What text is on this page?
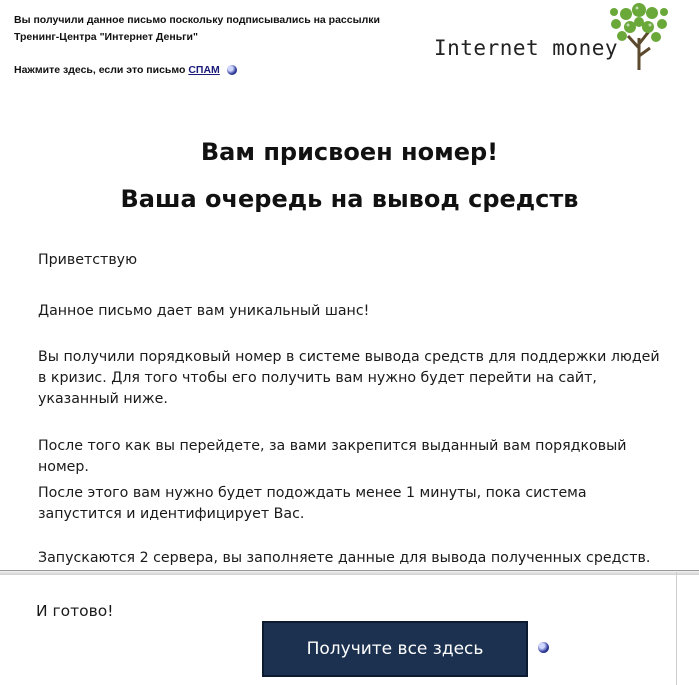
Вы получили данное письмо поскольку подписывались на рассылки
Тренинг-Центра "Интернет Деньги"
Нажмите здесь, если это письмо СПАМ
Internet money
Вам присвоен номер!
Ваша очередь на вывод средств
Приветствую
Данное письмо дает вам уникальный шанс!
Вы получили порядковый номер в системе вывода средств для поддержки людей в кризис. Для того чтобы его получить вам нужно будет перейти на сайт, указанный ниже.
После того как вы перейдете, за вами закрепится выданный вам порядковый номер.
После этого вам нужно будет подождать менее 1 минуты, пока система запустится и идентифицирует Вас.
Запускаются 2 сервера, вы заполняете данные для вывода полученных средств.
И готово!
Получите все здесь
